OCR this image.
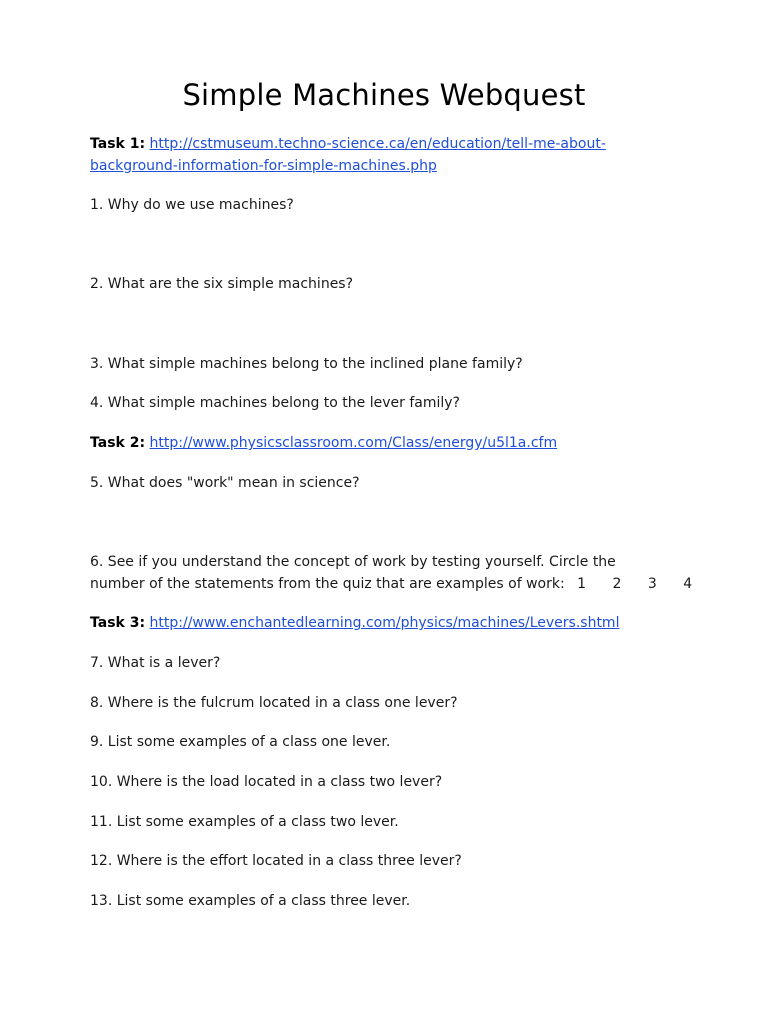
Simple Machines Webquest
Task 1: http://cstmuseum.techno-science.ca/en/education/tell-me-about-
background-information-for-simple-machines.php
1. Why do we use machines?
2. What are the six simple machines?
3. What simple machines belong to the inclined plane family?
4. What simple machines belong to the lever family?
Task 2: http://www.physicsclassroom.com/Class/energy/u5l1a.cfm
5. What does "work" mean in science?
6. See if you understand the concept of work by testing yourself. Circle the
number of the statements from the quiz that are examples of work: 1 2 3 4
Task 3: http://www.enchantedlearning.com/physics/machines/Levers.shtml
7. What is a lever?
8. Where is the fulcrum located in a class one lever?
9. List some examples of a class one lever.
10. Where is the load located in a class two lever?
11. List some examples of a class two lever.
12. Where is the effort located in a class three lever?
13. List some examples of a class three lever.
